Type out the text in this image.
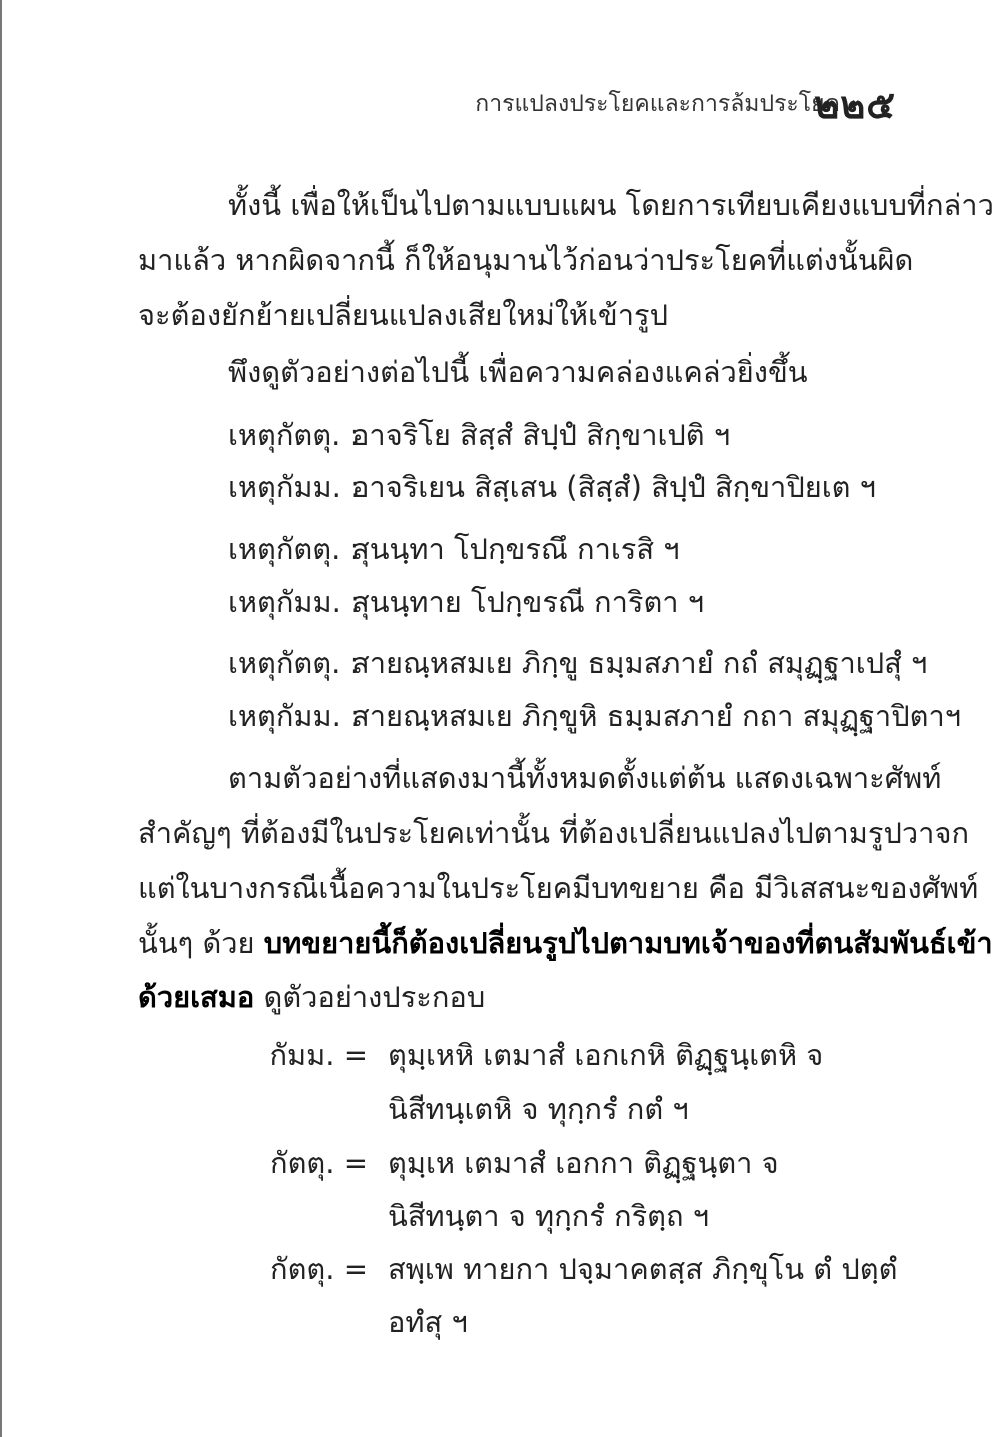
การแปลงประโยคและการล้มประโยค
๒๒๕
ทั้งนี้ เพื่อให้เป็นไปตามแบบแผน โดยการเทียบเคียงแบบที่กล่าว
มาแล้ว หากผิดจากนี้ ก็ให้อนุมานไว้ก่อนว่าประโยคที่แต่งนั้นผิด
จะต้องยักย้ายเปลี่ยนแปลงเสียใหม่ให้เข้ารูป
พึงดูตัวอย่างต่อไปนี้ เพื่อความคล่องแคล่วยิ่งขึ้น
เหตุกัตตุ. :
อาจริโย สิสฺสํ สิปฺปํ สิกฺขาเปติ ฯ
เหตุกัมม. :
อาจริเยน สิสฺเสน (สิสฺสํ) สิปฺปํ สิกฺขาปิยเต ฯ
เหตุกัตตุ. :
สุนนฺทา โปกฺขรณึ กาเรสิ ฯ
เหตุกัมม. :
สุนนฺทาย โปกฺขรณี การิตา ฯ
เหตุกัตตุ. :
สายณฺหสมเย ภิกฺขู ธมฺมสภายํ กถํ สมุฏฺฐาเปสุํ ฯ
เหตุกัมม. :
สายณฺหสมเย ภิกฺขูหิ ธมฺมสภายํ กถา สมุฏฺฐาปิตาฯ
ตามตัวอย่างที่แสดงมานี้ทั้งหมดตั้งแต่ต้น แสดงเฉพาะศัพท์
สำคัญๆ ที่ต้องมีในประโยคเท่านั้น ที่ต้องเปลี่ยนแปลงไปตามรูปวาจก
แต่ในบางกรณีเนื้อความในประโยคมีบทขยาย คือ มีวิเสสนะของศัพท์
นั้นๆ ด้วย บทขยายนี้ก็ต้องเปลี่ยนรูปไปตามบทเจ้าของที่ตนสัมพันธ์เข้า
ด้วยเสมอ ดูตัวอย่างประกอบ
กัมม. = ตุมฺเหหิ เตมาสํ เอกเกหิ ติฏฺฐนฺเตหิ จ
นิสีทนฺเตหิ จ ทุกฺกรํ กตํ ฯ
กัตตุ. = ตุมฺเห เตมาสํ เอกกา ติฏฺฐนฺตา จ
นิสีทนฺตา จ ทุกฺกรํ กริตฺถ ฯ
กัตตุ. = สพฺเพ ทายกา ปจฺมาคตสฺส ภิกฺขุโน ตํ ปตฺตํ
อทํสุ ฯ
